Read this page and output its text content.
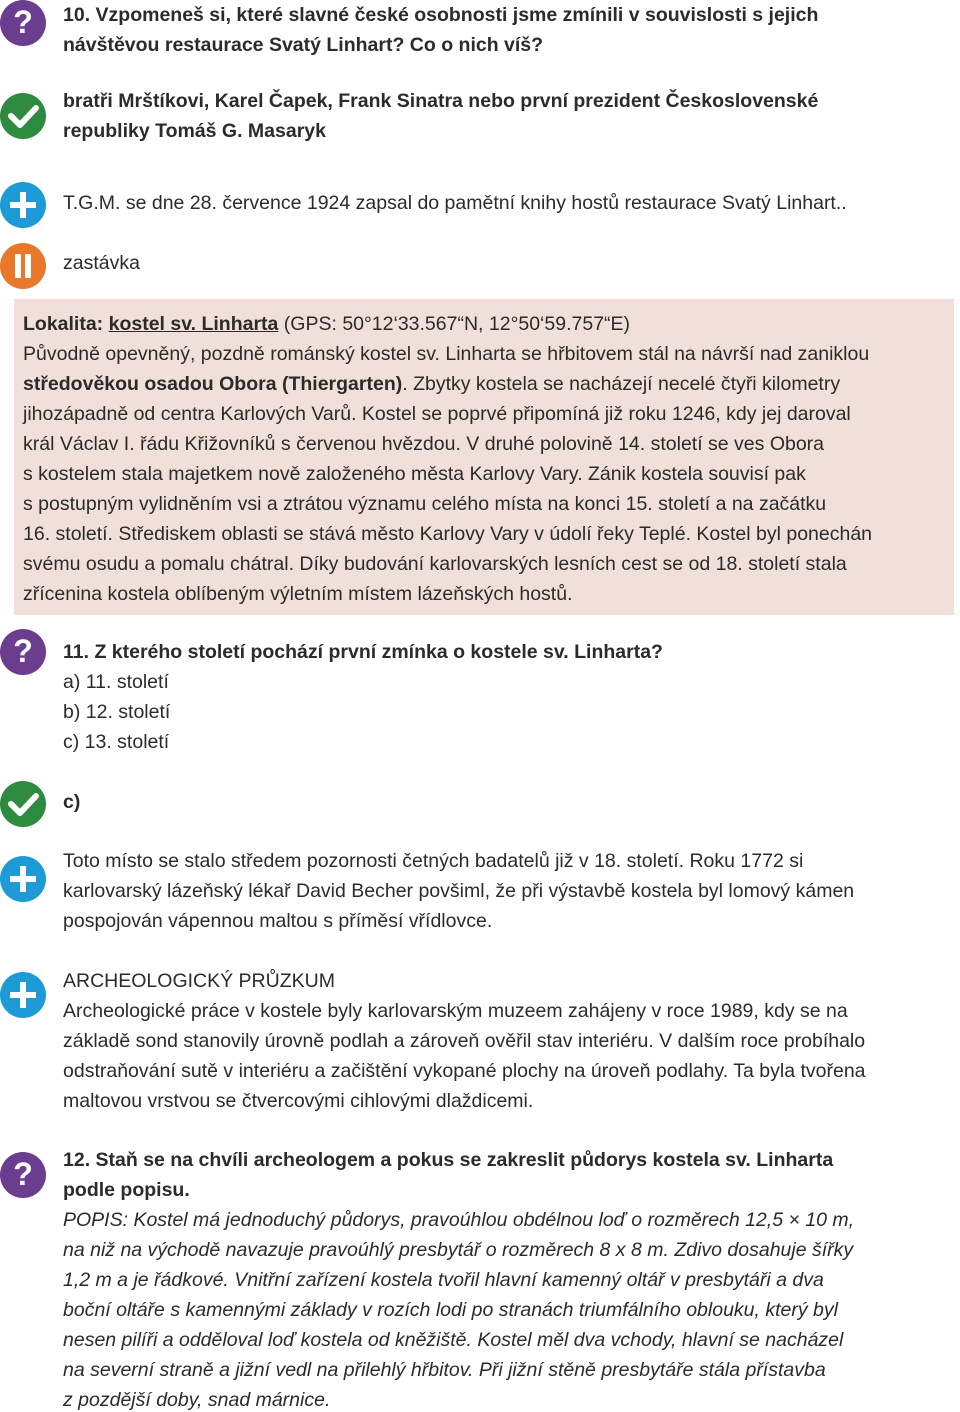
? 10. Vzpomeneš si, které slavné české osobnosti jsme zmínili v souvislosti s jejich
návštěvou restaurace Svatý Linhart? Co o nich víš?
bratři Mrštíkovi, Karel Čapek, Frank Sinatra nebo první prezident Československé
republiky Tomáš G. Masaryk
T.G.M. se dne 28. července 1924 zapsal do pamětní knihy hostů restaurace Svatý Linhart..
zastávka
Lokalita: kostel sv. Linharta (GPS: 50°12‘33.567“N, 12°50‘59.757“E)
Původně opevněný, pozdně románský kostel sv. Linharta se hřbitovem stál na návrší nad zaniklou
středověkou osadou Obora (Thiergarten). Zbytky kostela se nacházejí necelé čtyři kilometry
jihozápadně od centra Karlových Varů. Kostel se poprvé připomíná již roku 1246, kdy jej daroval
král Václav I. řádu Křižovníků s červenou hvězdou. V druhé polovině 14. století se ves Obora
s kostelem stala majetkem nově založeného města Karlovy Vary. Zánik kostela souvisí pak
s postupným vylidněním vsi a ztrátou významu celého místa na konci 15. století a na začátku
16. století. Střediskem oblasti se stává město Karlovy Vary v údolí řeky Teplé. Kostel byl ponechán
svému osudu a pomalu chátral. Díky budování karlovarských lesních cest se od 18. století stala
zřícenina kostela oblíbeným výletním místem lázeňských hostů.
? 11. Z kterého století pochází první zmínka o kostele sv. Linharta?
a) 11. století
b) 12. století
c) 13. století
c)
Toto místo se stalo středem pozornosti četných badatelů již v 18. století. Roku 1772 si
karlovarský lázeňský lékař David Becher povšiml, že při výstavbě kostela byl lomový kámen
pospojován vápennou maltou s příměsí vřídlovce.
ARCHEOLOGICKÝ PRŮZKUM
Archeologické práce v kostele byly karlovarským muzeem zahájeny v roce 1989, kdy se na
základě sond stanovily úrovně podlah a zároveň ověřil stav interiéru. V dalším roce probíhalo
odstraňování sutě v interiéru a začištění vykopané plochy na úroveň podlahy. Ta byla tvořena
maltovou vrstvou se čtvercovými cihlovými dlaždicemi.
? 12. Staň se na chvíli archeologem a pokus se zakreslit půdorys kostela sv. Linharta
podle popisu.
POPIS: Kostel má jednoduchý půdorys, pravoúhlou obdélnou loď o rozměrech 12,5 × 10 m,
na niž na východě navazuje pravoúhlý presbytář o rozměrech 8 x 8 m. Zdivo dosahuje šířky
1,2 m a je řádkové. Vnitřní zařízení kostela tvořil hlavní kamenný oltář v presbytáři a dva
boční oltáře s kamennými základy v rozích lodi po stranách triumfálního oblouku, který byl
nesen pilíři a odděloval loď kostela od kněžiště. Kostel měl dva vchody, hlavní se nacházel
na severní straně a jižní vedl na přilehlý hřbitov. Při jižní stěně presbytáře stála přístavba
z pozdější doby, snad márnice.
